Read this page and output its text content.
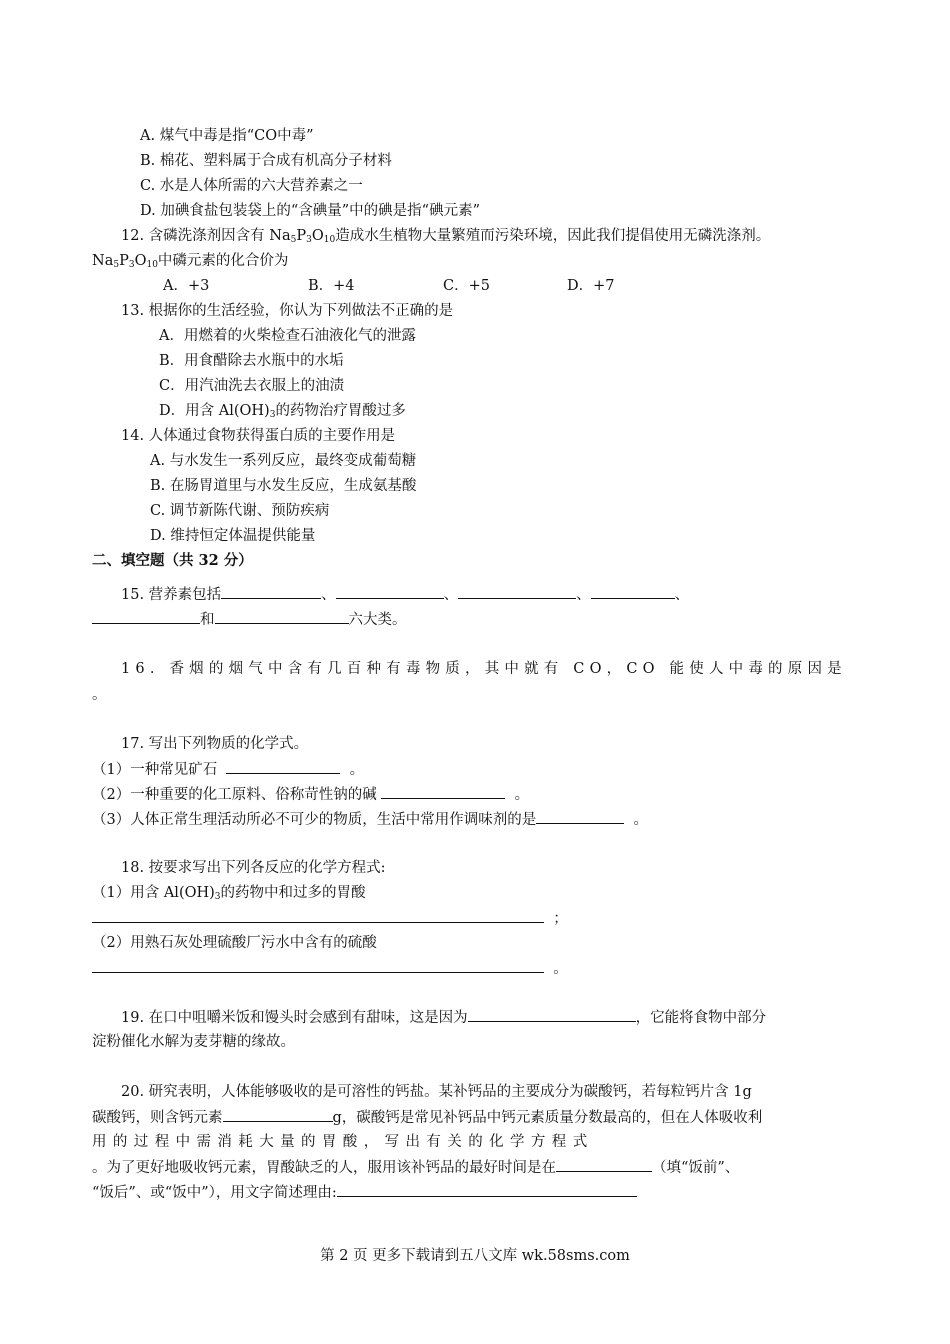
A. 煤气中毒是指“CO中毒”
B. 棉花、塑料属于合成有机高分子材料
C. 水是人体所需的六大营养素之一
D. 加碘食盐包装袋上的“含碘量”中的碘是指“碘元素”
12. 含磷洗涤剂因含有 $Na_5P_3O_{10}$造成水生植物大量繁殖而污染环境，因此我们提倡使用无磷洗涤剂。
$Na_5P_3O_{10}$中磷元素的化合价为
A．+3	B．+4	C．+5	D．+7
13. 根据你的生活经验，你认为下列做法不正确的是
A．用燃着的火柴检查石油液化气的泄露
B．用食醋除去水瓶中的水垢
C．用汽油洗去衣服上的油渍
D．用含 $Al(OH)_3$的药物治疗胃酸过多
14. 人体通过食物获得蛋白质的主要作用是
A. 与水发生一系列反应，最终变成葡萄糖
B. 在肠胃道里与水发生反应，生成氨基酸
C. 调节新陈代谢、预防疾病
D. 维持恒定体温提供能量
二、填空题（共 32 分）
15. 营养素包括	、	、	、	、
和	六大类。
16. 香烟的烟气中含有几百种有毒物质，其中就有 CO，CO 能使人中毒的原因是
。
17. 写出下列物质的化学式。
（1）一种常见矿石	。
（2）一种重要的化工原料、俗称苛性钠的碱	。
（3）人体正常生理活动所必不可少的物质，生活中常用作调味剂的是	。
18. 按要求写出下列各反应的化学方程式:
（1）用含 $Al(OH)_3$的药物中和过多的胃酸
；
（2）用熟石灰处理硫酸厂污水中含有的硫酸
。
19. 在口中咀嚼米饭和馒头时会感到有甜味，这是因为	，它能将食物中部分
淀粉催化水解为麦芽糖的缘故。
20. 研究表明，人体能够吸收的是可溶性的钙盐。某补钙品的主要成分为碳酸钙，若每粒钙片含 1g
碳酸钙，则含钙元素	g，碳酸钙是常见补钙品中钙元素质量分数最高的，但在人体吸收利
用的过程中需消耗大量的胃酸，写出有关的化学方程式
。为了更好地吸收钙元素，胃酸缺乏的人，服用该补钙品的最好时间是在	（填“饭前”、
“饭后”、或“饭中”），用文字简述理由:
第 2 页 更多下载请到五八文库 wk.58sms.com
